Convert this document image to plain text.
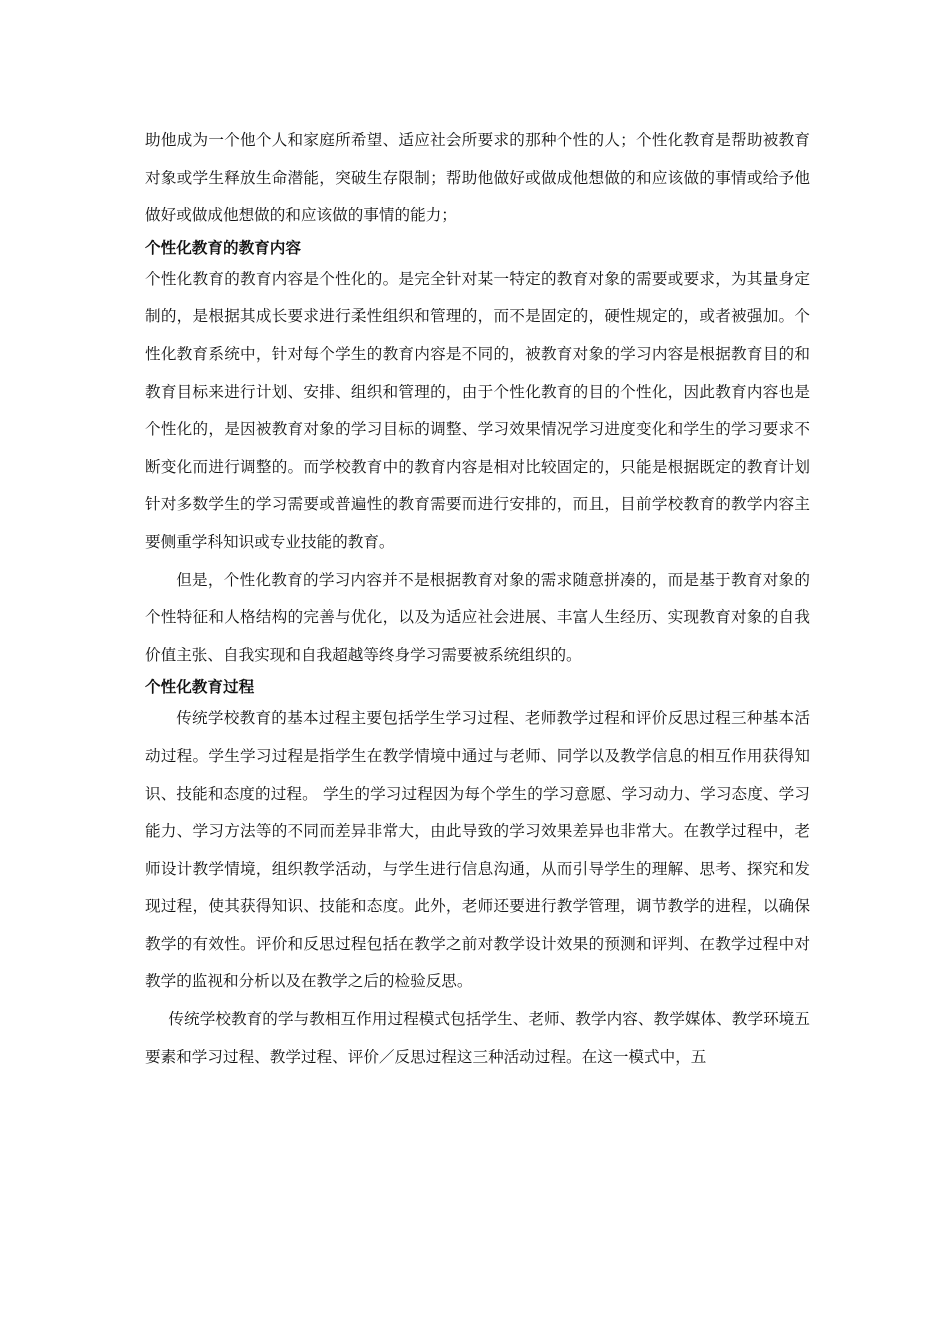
助他成为一个他个人和家庭所希望、适应社会所要求的那种个性的人；个性化教育是帮助被教育对象或学生释放生命潜能，突破生存限制；帮助他做好或做成他想做的和应该做的事情或给予他做好或做成他想做的和应该做的事情的能力；

个性化教育的教育内容

个性化教育的教育内容是个性化的。是完全针对某一特定的教育对象的需要或要求，为其量身定制的，是根据其成长要求进行柔性组织和管理的，而不是固定的，硬性规定的，或者被强加。个性化教育系统中，针对每个学生的教育内容是不同的，被教育对象的学习内容是根据教育目的和教育目标来进行计划、安排、组织和管理的，由于个性化教育的目的个性化，因此教育内容也是个性化的，是因被教育对象的学习目标的调整、学习效果情况学习进度变化和学生的学习要求不断变化而进行调整的。而学校教育中的教育内容是相对比较固定的，只能是根据既定的教育计划针对多数学生的学习需要或普遍性的教育需要而进行安排的，而且，目前学校教育的教学内容主要侧重学科知识或专业技能的教育。

但是，个性化教育的学习内容并不是根据教育对象的需求随意拼凑的，而是基于教育对象的个性特征和人格结构的完善与优化，以及为适应社会进展、丰富人生经历、实现教育对象的自我价值主张、自我实现和自我超越等终身学习需要被系统组织的。

个性化教育过程

传统学校教育的基本过程主要包括学生学习过程、老师教学过程和评价反思过程三种基本活动过程。学生学习过程是指学生在教学情境中通过与老师、同学以及教学信息的相互作用获得知识、技能和态度的过程。 学生的学习过程因为每个学生的学习意愿、学习动力、学习态度、学习能力、学习方法等的不同而差异非常大，由此导致的学习效果差异也非常大。在教学过程中，老师设计教学情境，组织教学活动，与学生进行信息沟通，从而引导学生的理解、思考、探究和发现过程，使其获得知识、技能和态度。此外，老师还要进行教学管理，调节教学的进程，以确保教学的有效性。评价和反思过程包括在教学之前对教学设计效果的预测和评判、在教学过程中对教学的监视和分析以及在教学之后的检验反思。

传统学校教育的学与教相互作用过程模式包括学生、老师、教学内容、教学媒体、教学环境五要素和学习过程、教学过程、评价／反思过程这三种活动过程。在这一模式中，五
